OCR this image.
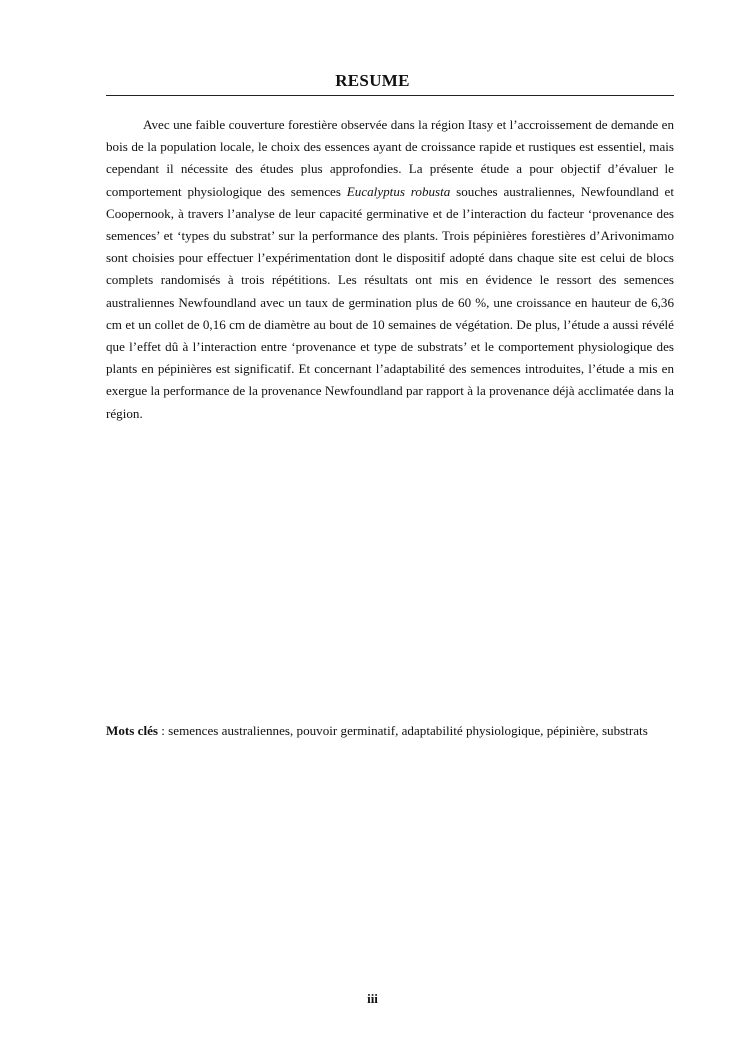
RESUME

Avec une faible couverture forestière observée dans la région Itasy et l’accroissement de demande en bois de la population locale, le choix des essences ayant de croissance rapide et rustiques est essentiel, mais cependant il nécessite des études plus approfondies. La présente étude a pour objectif d’évaluer le comportement physiologique des semences Eucalyptus robusta souches australiennes, Newfoundland et Coopernook, à travers l’analyse de leur capacité germinative et de l’interaction du facteur ‘provenance des semences’ et ‘types du substrat’ sur la performance des plants. Trois pépinières forestières d’Arivonimamo sont choisies pour effectuer l’expérimentation dont le dispositif adopté dans chaque site est celui de blocs complets randomisés à trois répétitions. Les résultats ont mis en évidence le ressort des semences australiennes Newfoundland avec un taux de germination plus de 60 %, une croissance en hauteur de 6,36 cm et un collet de 0,16 cm de diamètre au bout de 10 semaines de végétation. De plus, l’étude a aussi révélé que l’effet dû à l’interaction entre ‘provenance et type de substrats’ et le comportement physiologique des plants en pépinières est significatif. Et concernant l’adaptabilité des semences introduites, l’étude a mis en exergue la performance de la provenance Newfoundland par rapport à la provenance déjà acclimatée dans la région.

Mots clés : semences australiennes, pouvoir germinatif, adaptabilité physiologique, pépinière, substrats

iii
